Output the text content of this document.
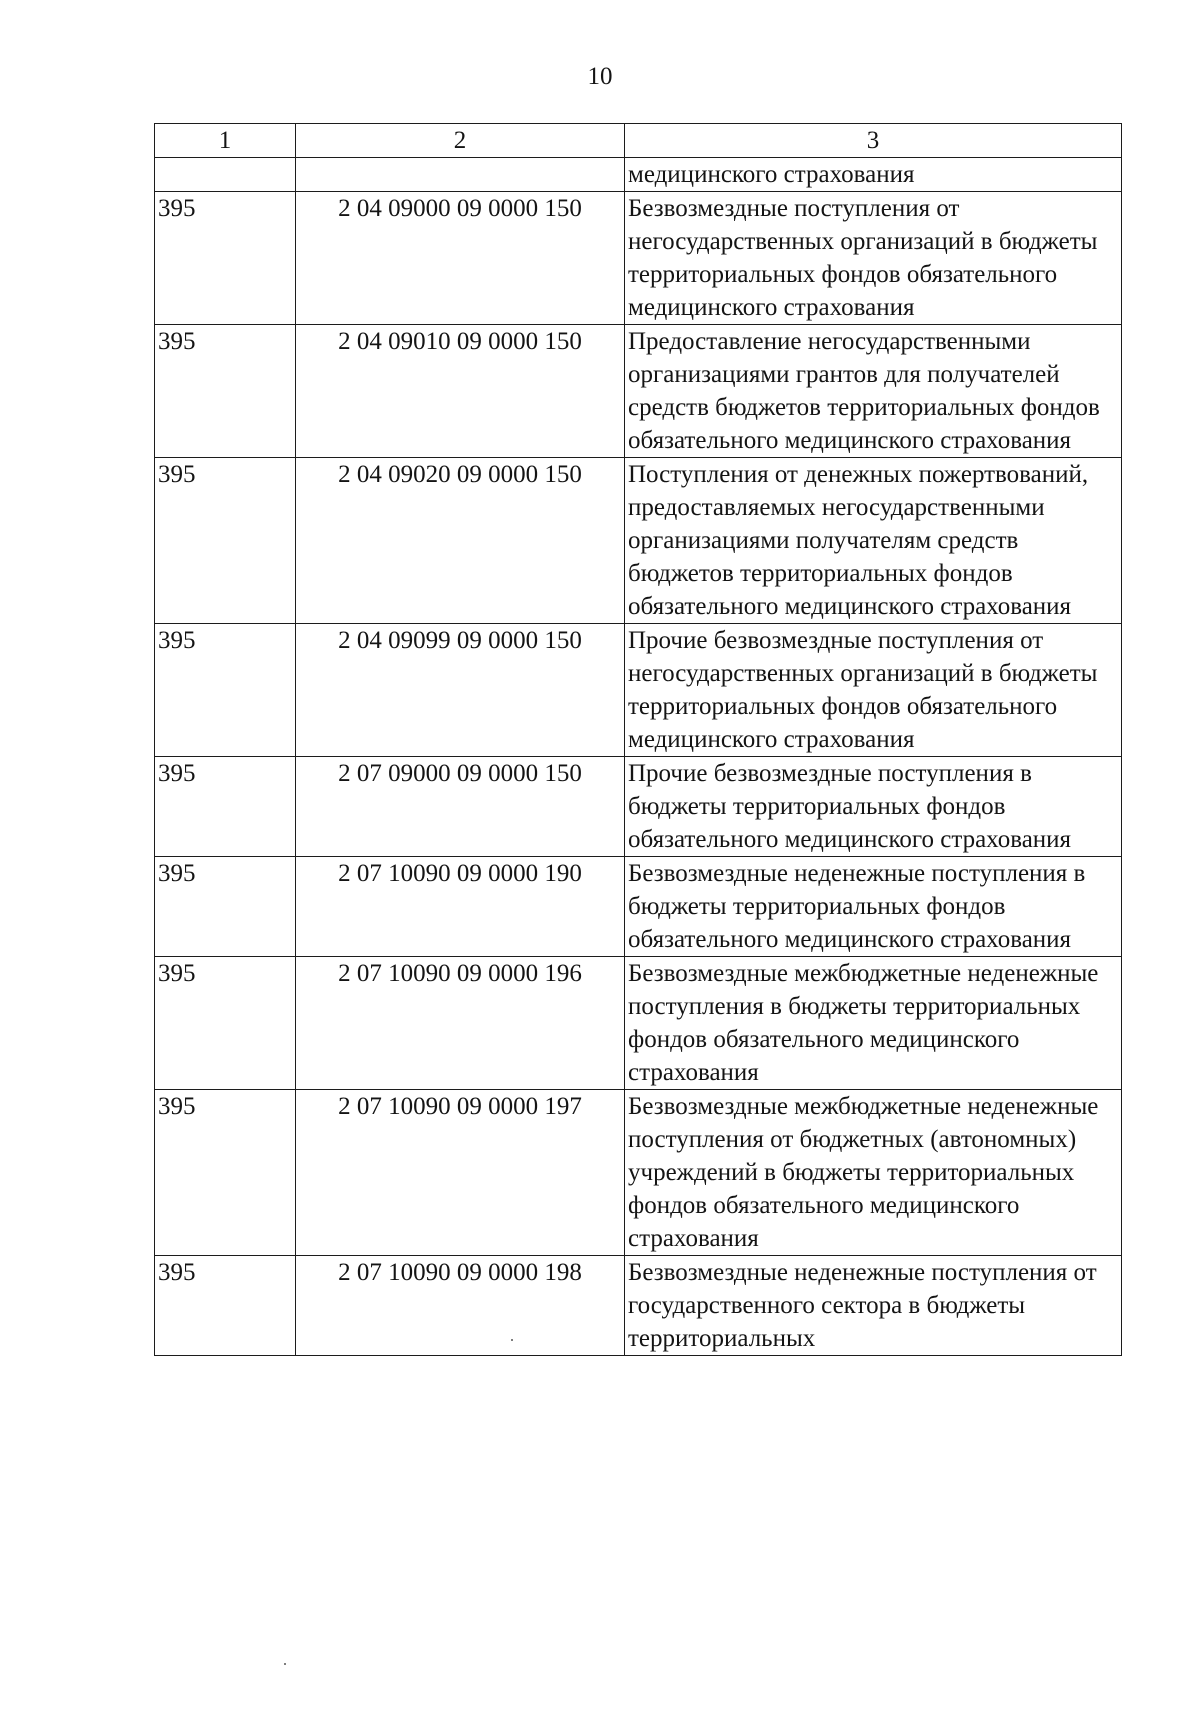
10
1	2	3
		медицинского страхования
395	2 04 09000 09 0000 150	Безвозмездные поступления от негосударственных организаций в бюджеты территориальных фондов обязательного медицинского страхования
395	2 04 09010 09 0000 150	Предоставление негосударственными организациями грантов для получателей средств бюджетов территориальных фондов обязательного медицинского страхования
395	2 04 09020 09 0000 150	Поступления от денежных пожертвований, предоставляемых негосударственными организациями получателям средств бюджетов территориальных фондов обязательного медицинского страхования
395	2 04 09099 09 0000 150	Прочие безвозмездные поступления от негосударственных организаций в бюджеты территориальных фондов обязательного медицинского страхования
395	2 07 09000 09 0000 150	Прочие безвозмездные поступления в бюджеты территориальных фондов обязательного медицинского страхования
395	2 07 10090 09 0000 190	Безвозмездные неденежные поступления в бюджеты территориальных фондов обязательного медицинского страхования
395	2 07 10090 09 0000 196	Безвозмездные межбюджетные неденежные поступления в бюджеты территориальных фондов обязательного медицинского страхования
395	2 07 10090 09 0000 197	Безвозмездные межбюджетные неденежные поступления от бюджетных (автономных) учреждений в бюджеты территориальных фондов обязательного медицинского страхования
395	2 07 10090 09 0000 198	Безвозмездные неденежные поступления от государственного сектора в бюджеты территориальных
